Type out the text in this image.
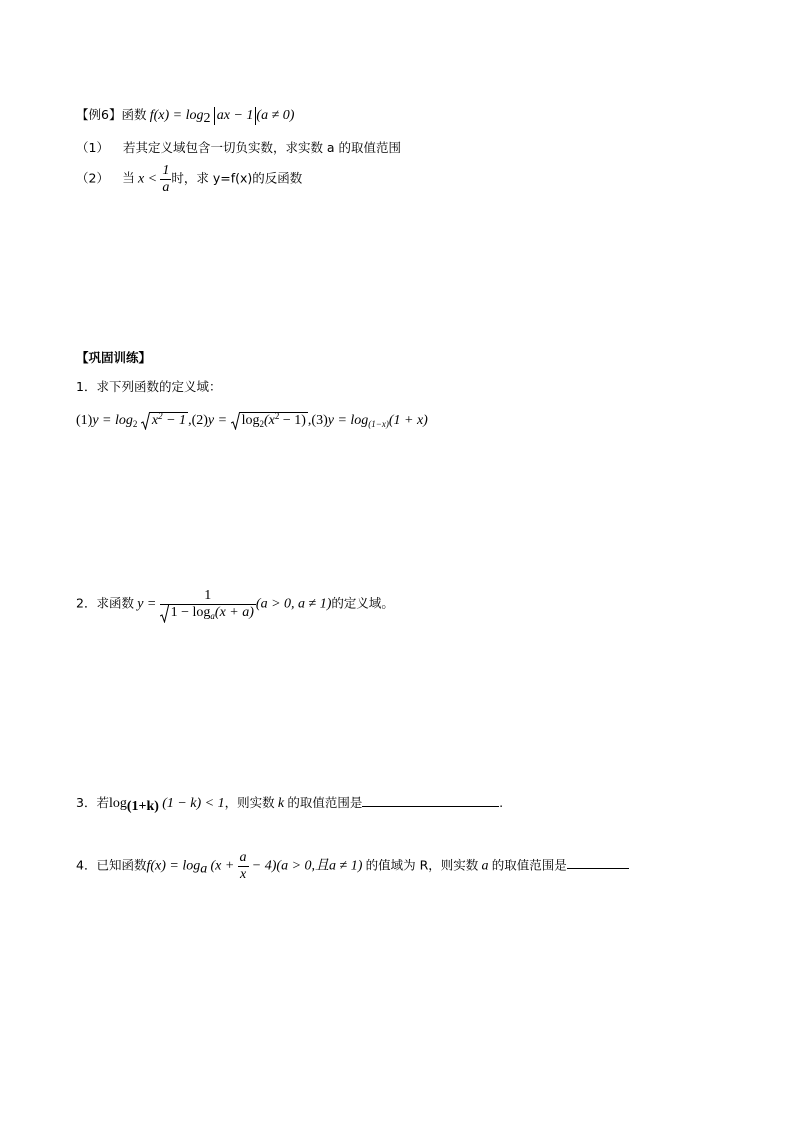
【例6】函数 $f(x) = \log_2$ ax − 1 (a ≠ 0)
（1） 若其定义域包含一切负实数，求实数 a 的取值范围
（2） 当 $x < \frac{1}{a}$ 时，求 y=f(x)的反函数
【巩固训练】
1．求下列函数的定义域：
$(1)y = \log_2 x^2 - 1$ ,(2)y =
$\log_2(x^2 - 1) ,(3)y = \log_{(1-x)}(1 + x)$
2．求函数 $y = \frac{1}{1 - \log_a(x + a)} (a > 0$, a ≠ 1)的定义域。
3．若$\log_{(1+k)} (1 - k) < 1$，则实数 k 的取值范围是	.
4．已知函数$f(x) = \log_a (x + \frac{a}{x} - 4)(a > 0$,且a ≠ 1) 的值域为 R，则实数 a 的取值范围是
